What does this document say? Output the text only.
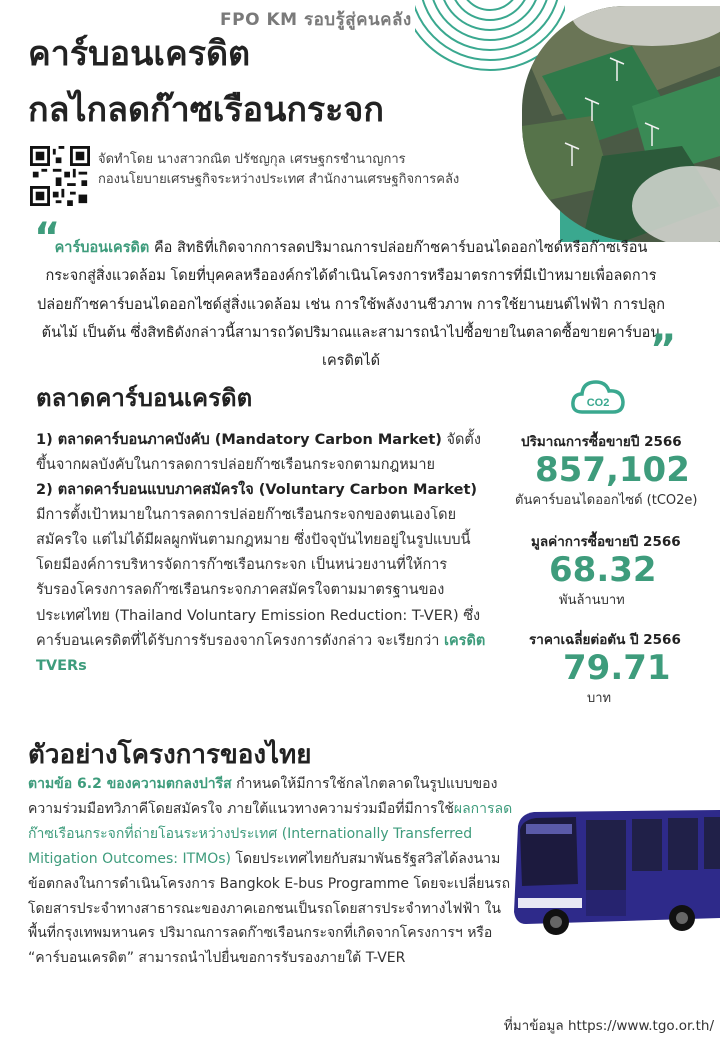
FPO KM รอบรู้สู่คนคลัง
คาร์บอนเครดิต
กลไกลดก๊าซเรือนกระจก
จัดทำโดย นางสาวกณิต ปรัชญกุล เศรษฐกรชำนาญการ
กองนโยบายเศรษฐกิจระหว่างประเทศ สำนักงานเศรษฐกิจการคลัง
“

คาร์บอนเครดิต คือ สิทธิที่เกิดจากการลดปริมาณการปล่อยก๊าซคาร์บอนไดออกไซด์หรือก๊าซเรือนกระจกสู่สิ่งแวดล้อม โดยที่บุคคลหรือองค์กรได้ดำเนินโครงการหรือมาตรการที่มีเป้าหมายเพื่อลดการปล่อยก๊าซคาร์บอนไดออกไซด์สู่สิ่งแวดล้อม เช่น การใช้พลังงานชีวภาพ การใช้ยานยนต์ไฟฟ้า การปลูกต้นไม้ เป็นต้น ซึ่งสิทธิดังกล่าวนี้สามารถวัดปริมาณและสามารถนำไปซื้อขายในตลาดซื้อขายคาร์บอนเครดิตได้	”
ตลาดคาร์บอนเครดิต
1) ตลาดคาร์บอนภาคบังคับ (Mandatory Carbon Market) จัดตั้งขึ้นจากผลบังคับในการลดการปล่อยก๊าซเรือนกระจกตามกฎหมาย
2) ตลาดคาร์บอนแบบภาคสมัครใจ (Voluntary Carbon Market) มีการตั้งเป้าหมายในการลดการปล่อยก๊าซเรือนกระจกของตนเองโดยสมัครใจ แต่ไม่ได้มีผลผูกพันตามกฎหมาย ซึ่งปัจจุบันไทยอยู่ในรูปแบบนี้ โดยมีองค์การบริหารจัดการก๊าซเรือนกระจก เป็นหน่วยงานที่ให้การรับรองโครงการลดก๊าซเรือนกระจกภาคสมัครใจตามมาตรฐานของประเทศไทย (Thailand Voluntary Emission Reduction: T-VER) ซึ่งคาร์บอนเครดิตที่ได้รับการรับรองจากโครงการดังกล่าว จะเรียกว่า เครดิต TVERs
CO2
ปริมาณการซื้อขายปี 2566
857,102
ตันคาร์บอนไดออกไซด์ (tCO2e)
มูลค่าการซื้อขายปี 2566
68.32
พันล้านบาท
ราคาเฉลี่ยต่อตัน ปี 2566
79.71
บาท
ตัวอย่างโครงการของไทย

ตามข้อ 6.2 ของความตกลงปารีส กำหนดให้มีการใช้กลไกตลาดในรูปแบบของความร่วมมือทวิภาคีโดยสมัครใจ ภายใต้แนวทางความร่วมมือที่มีการใช้ผลการลดก๊าซเรือนกระจกที่ถ่ายโอนระหว่างประเทศ (Internationally Transferred Mitigation Outcomes: ITMOs) โดยประเทศไทยกับสมาพันธรัฐสวิสได้ลงนามข้อตกลงในการดำเนินโครงการ Bangkok E-bus Programme โดยจะเปลี่ยนรถโดยสารประจำทางสาธารณะของภาคเอกชนเป็นรถโดยสารประจำทางไฟฟ้า ในพื้นที่กรุงเทพมหานคร ปริมาณการลดก๊าซเรือนกระจกที่เกิดจากโครงการฯ หรือ “คาร์บอนเครดิต” สามารถนำไปยื่นขอการรับรองภายใต้ T-VER

ที่มาข้อมูล https://www.tgo.or.th/
